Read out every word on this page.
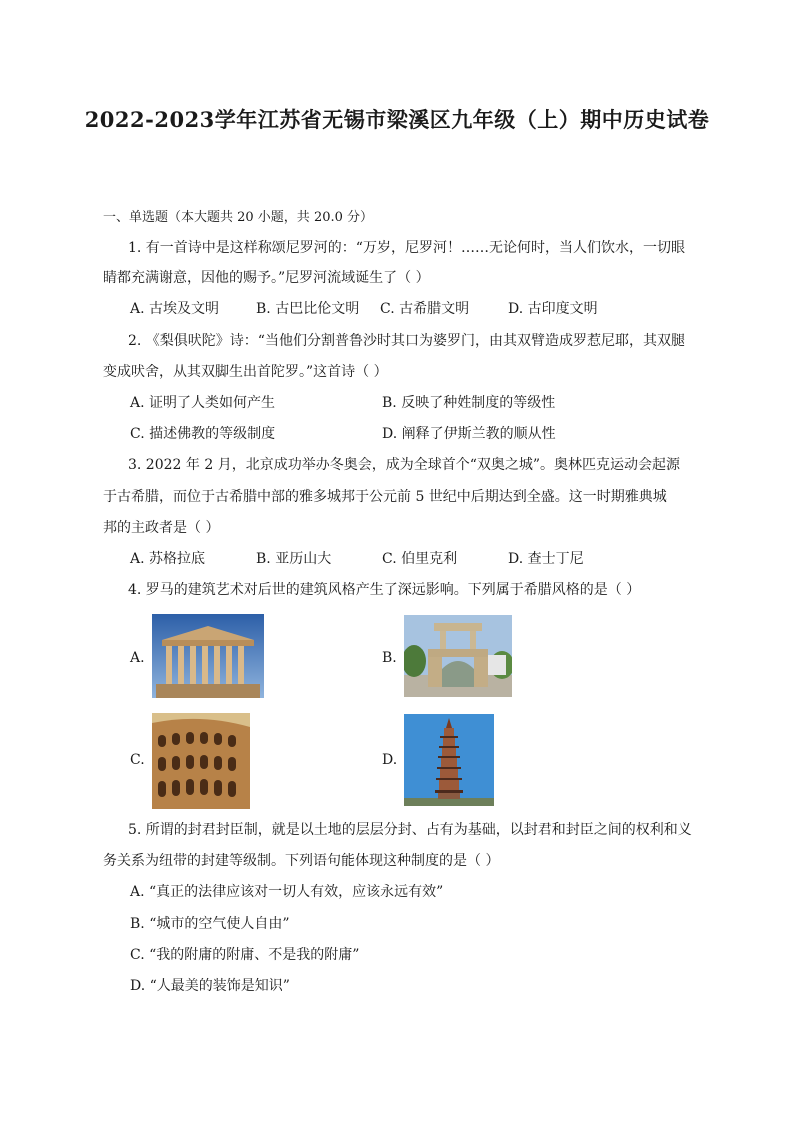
2022-2023学年江苏省无锡市梁溪区九年级（上）期中历史试卷
一、单选题（本大题共 20 小题，共 20.0 分）
1. 有一首诗中是这样称颂尼罗河的：“万岁，尼罗河！……无论何时，当人们饮水，一切眼
睛都充满谢意，因他的赐予。”尼罗河流域诞生了（ ）
A. 古埃及文明	B. 古巴比伦文明 C. 古希腊文明	D. 古印度文明
2. 《梨俱吠陀》诗：“当他们分割普鲁沙时其口为婆罗门，由其双臂造成罗惹尼耶，其双腿
变成吠舍，从其双脚生出首陀罗。”这首诗（ ）
A. 证明了人类如何产生	B. 反映了种姓制度的等级性
C. 描述佛教的等级制度	D. 阐释了伊斯兰教的顺从性
3. 2022 年 2 月，北京成功举办冬奥会，成为全球首个“双奥之城”。奥林匹克运动会起源
于古希腊，而位于古希腊中部的雅多城邦于公元前 5 世纪中后期达到全盛。这一时期雅典城
邦的主政者是（ ）
A. 苏格拉底	B. 亚历山大	C. 伯里克利	D. 查士丁尼
4. 罗马的建筑艺术对后世的建筑风格产生了深远影响。下列属于希腊风格的是（ ）
A.	B.
C.	D.
5. 所谓的封君封臣制，就是以土地的层层分封、占有为基础，以封君和封臣之间的权利和义
务关系为纽带的封建等级制。下列语句能体现这种制度的是（ ）
A. “真正的法律应该对一切人有效，应该永远有效”
B. “城市的空气使人自由”
C. “我的附庸的附庸、不是我的附庸”
D. “人最美的装饰是知识”
